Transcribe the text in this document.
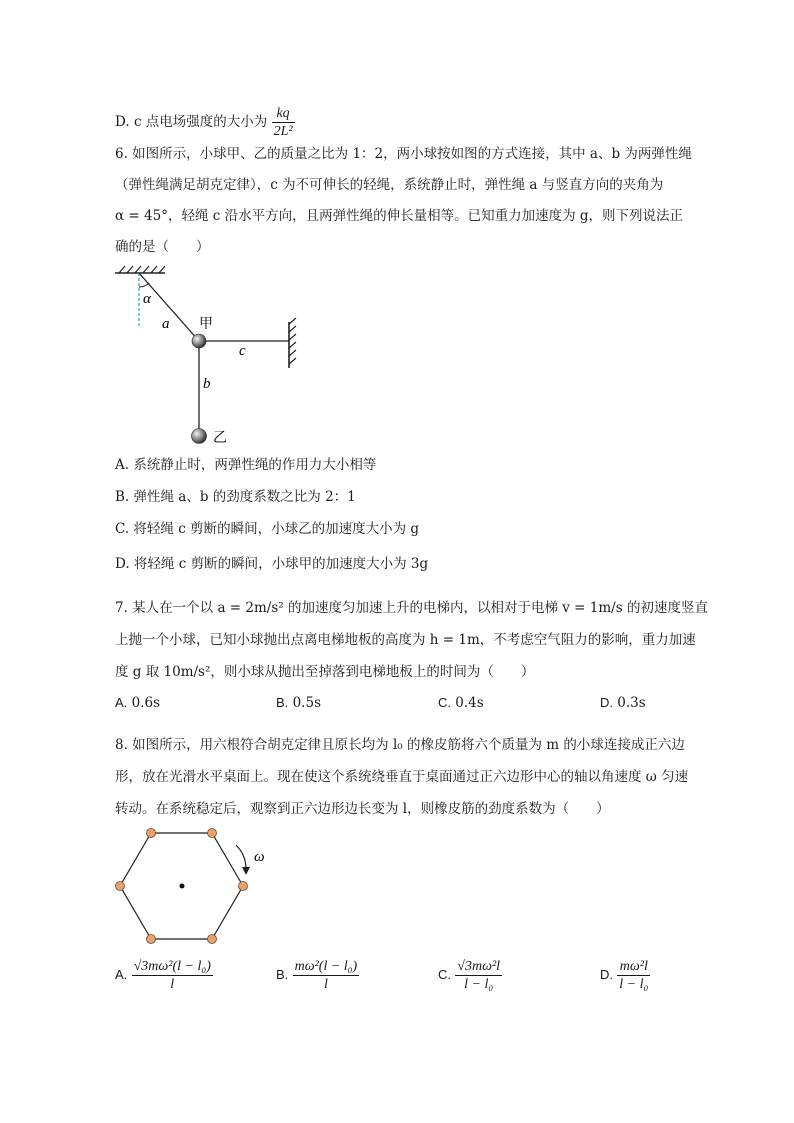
D. c 点电场强度的大小为 $\frac{kq}{\text{2L²}}$
6. 如图所示，小球甲、乙的质量之比为 1：2，两小球按如图的方式连接，其中 a、b 为两弹性绳
（弹性绳满足胡克定律），c 为不可伸长的轻绳，系统静止时，弹性绳 a 与竖直方向的夹角为
α = 45°，轻绳 c 沿水平方向，且两弹性绳的伸长量相等。已知重力加速度为 g，则下列说法正
确的是（　　）
α
a 甲
c
b
乙
A. 系统静止时，两弹性绳的作用力大小相等
B. 弹性绳 a、b 的劲度系数之比为 2：1
C. 将轻绳 c 剪断的瞬间，小球乙的加速度大小为 g
D. 将轻绳 c 剪断的瞬间，小球甲的加速度大小为 3g
7. 某人在一个以 a = 2m/s² 的加速度匀加速上升的电梯内，以相对于电梯 v = 1m/s 的初速度竖直
上抛一个小球，已知小球抛出点离电梯地板的高度为 h = 1m，不考虑空气阻力的影响，重力加速
度 g 取 10m/s²，则小球从抛出至掉落到电梯地板上的时间为（　　）
A. 0.6s	B. 0.5s	C. 0.4s	D. 0.3s
8. 如图所示，用六根符合胡克定律且原长均为 l₀ 的橡皮筋将六个质量为 m 的小球连接成正六边
形，放在光滑水平桌面上。现在使这个系统绕垂直于桌面通过正六边形中心的轴以角速度 ω 匀速
转动。在系统稳定后，观察到正六边形边长变为 l，则橡皮筋的劲度系数为（　　）
ω
A. $\frac{\text{√3mω²(l − l₀)}}{l}$	B. $\frac{\text{mω²(l − l₀)}}{l}$	C. $\frac{\text{√3mω²l}}{\text{l − l₀}}$	D. $\frac{\text{mω²l}}{\text{l − l₀}}$
